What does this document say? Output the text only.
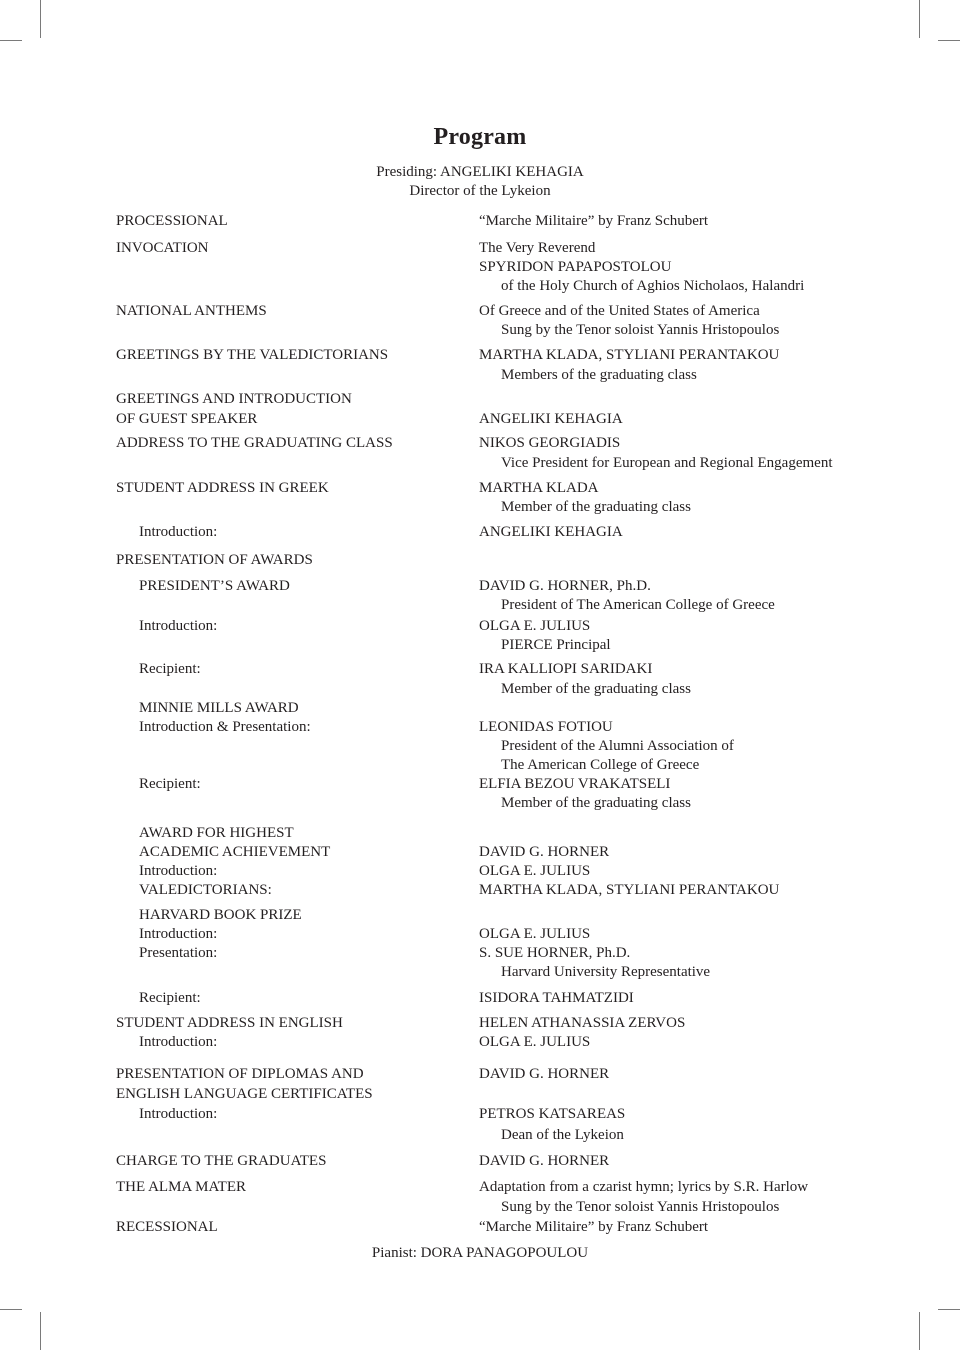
Program
Presiding: ANGELIKI KEHAGIA
Director of the Lykeion
PROCESSIONAL
INVOCATION
NATIONAL ANTHEMS
GREETINGS BY THE VALEDICTORIANS
GREETINGS AND INTRODUCTION
OF GUEST SPEAKER
ADDRESS TO THE GRADUATING CLASS
STUDENT ADDRESS IN GREEK
Introduction:
PRESENTATION OF AWARDS
PRESIDENT’S AWARD
Introduction:
Recipient:
MINNIE MILLS AWARD
Introduction & Presentation:
Recipient:
AWARD FOR HIGHEST
ACADEMIC ACHIEVEMENT
Introduction:
VALEDICTORIANS:
HARVARD BOOK PRIZE
Introduction:
Presentation:
Recipient:
STUDENT ADDRESS IN ENGLISH
Introduction:
PRESENTATION OF DIPLOMAS AND
ENGLISH LANGUAGE CERTIFICATES
Introduction:
CHARGE TO THE GRADUATES
THE ALMA MATER
RECESSIONAL
“Marche Militaire” by Franz Schubert
The Very Reverend
SPYRIDON PAPAPOSTOLOU
of the Holy Church of Aghios Nicholaos, Halandri
Of Greece and of the United States of America
Sung by the Tenor soloist Yannis Hristopoulos
MARTHA KLADA, STYLIANI PERANTAKOU
Members of the graduating class
ANGELIKI KEHAGIA
NIKOS GEORGIADIS
Vice President for European and Regional Engagement
MARTHA KLADA
Member of the graduating class
ANGELIKI KEHAGIA
DAVID G. HORNER, Ph.D.
President of The American College of Greece
OLGA E. JULIUS
PIERCE Principal
IRA KALLIOPI SARIDAKI
Member of the graduating class
LEONIDAS FOTIOU
President of the Alumni Association of
The American College of Greece
ELFIA BEZOU VRAKATSELI
Member of the graduating class
DAVID G. HORNER
OLGA E. JULIUS
MARTHA KLADA, STYLIANI PERANTAKOU
OLGA E. JULIUS
S. SUE HORNER, Ph.D.
Harvard University Representative
ISIDORA TAHMATZIDI
HELEN ATHANASSIA ZERVOS
OLGA E. JULIUS
DAVID G. HORNER
PETROS KATSAREAS
Dean of the Lykeion
DAVID G. HORNER
Adaptation from a czarist hymn; lyrics by S.R. Harlow
Sung by the Tenor soloist Yannis Hristopoulos
“Marche Militaire” by Franz Schubert
Pianist: DORA PANAGOPOULOU
